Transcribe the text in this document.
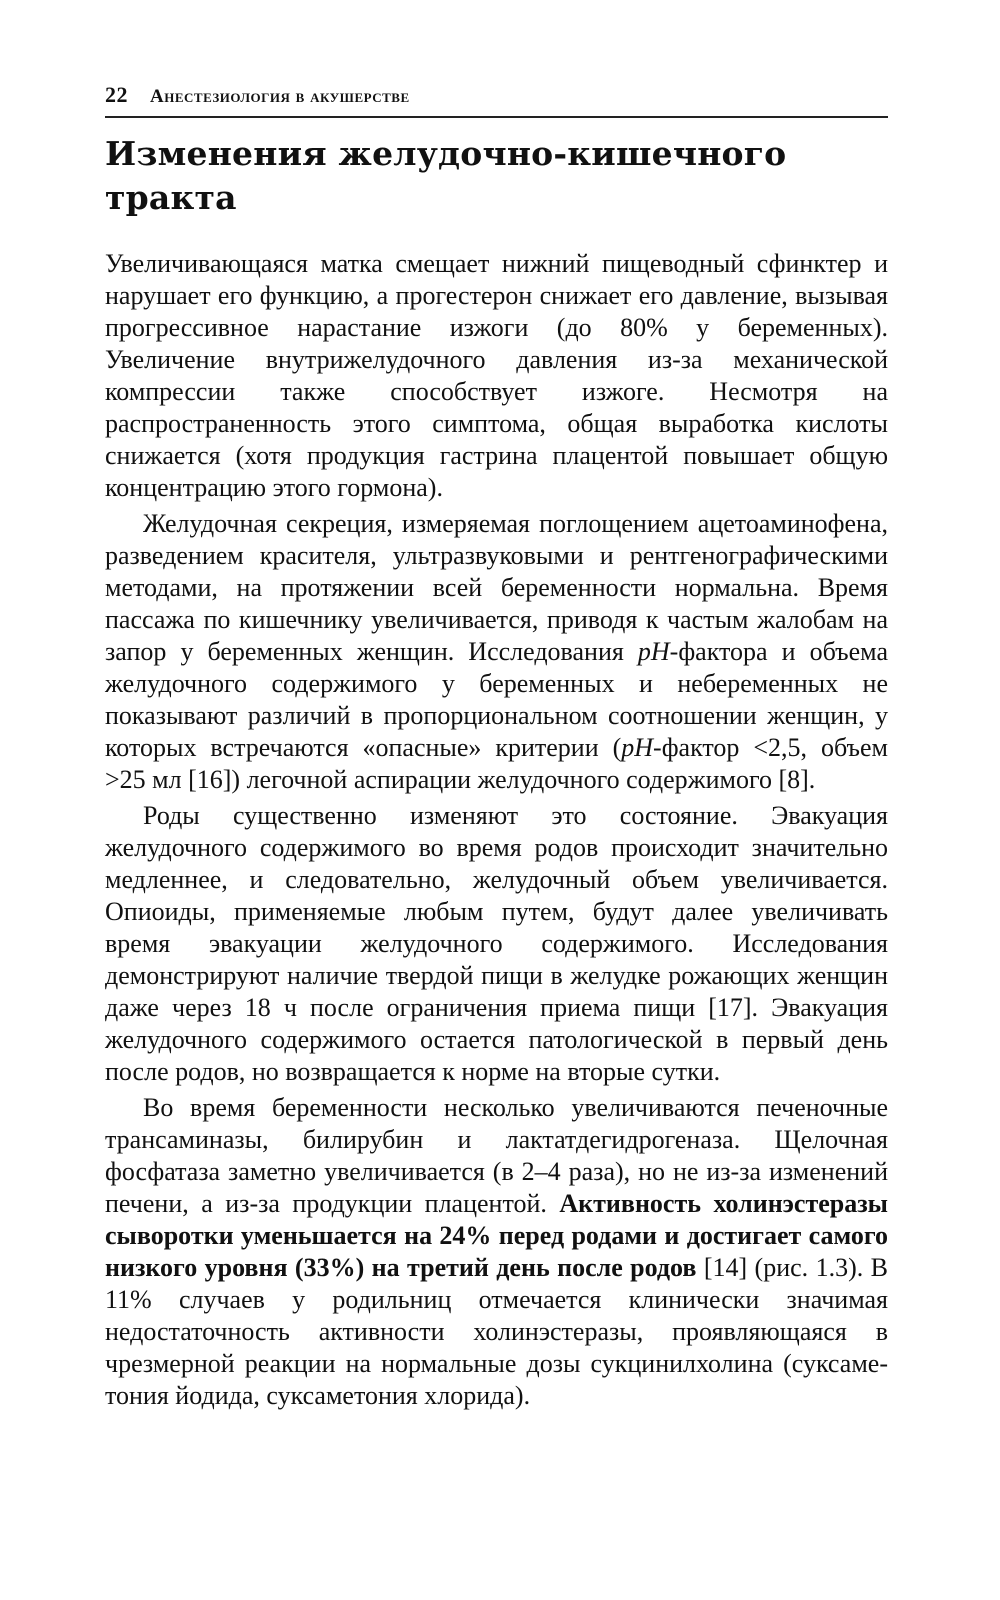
22 Анестезиология в акушерстве
Изменения желудочно-кишечного тракта

Увеличивающаяся матка смещает нижний пищеводный сфинктер и нарушает его функцию, а прогестерон снижает его давление, вызывая прогрессивное нарастание изжоги (до 80% у беременных). Увеличение внутрижелудочного давления из-за механической компрессии также способствует изжоге. Несмотря на распространенность этого симптома, общая выработка кислоты снижается (хотя продукция гастрина плацентой повышает общую концентрацию этого гормона).

Желудочная секреция, измеряемая поглощением ацетоаминофена, разведением красителя, ультразвуковыми и рентгенографическими методами, на протяжении всей беременности нормальна. Время пассажа по кишечнику увеличивается, приводя к частым жалобам на запор у беременных женщин. Исследования pH-фактора и объема желудочного содержимого у беременных и небеременных не показывают различий в пропорциональном соотношении женщин, у которых встречаются «опасные» критерии (pH-фактор <2,5, объем >25 мл [16]) легочной аспирации желудочного содержимого [8].

Роды существенно изменяют это состояние. Эвакуация желудочного содержимого во время родов происходит значительно медленнее, и следовательно, желудочный объем увеличивается. Опиоиды, применяемые любым путем, будут далее увеличивать время эвакуации желудочного содержимого. Исследования демонстрируют наличие твердой пищи в желудке рожающих женщин даже через 18 ч после ограничения приема пищи [17]. Эвакуация желудочного содержимого остается патологической в первый день после родов, но возвращается к норме на вторые сутки.

Во время беременности несколько увеличиваются печеночные трансаминазы, билирубин и лактатдегидрогеназа. Щелочная фосфатаза заметно увеличивается (в 2–4 раза), но не из-за изменений печени, а из-за продукции плацентой. Активность холинэстеразы сыворотки уменьшается на 24% перед родами и достигает самого низкого уровня (33%) на третий день после родов [14] (рис. 1.3). В 11% случаев у родильниц отмечается клинически значимая недостаточность активности холинэстеразы, проявляющаяся в чрезмерной реакции на нормальные дозы сукцинилхолина (суксаметония йодида, суксаметония хлорида).
